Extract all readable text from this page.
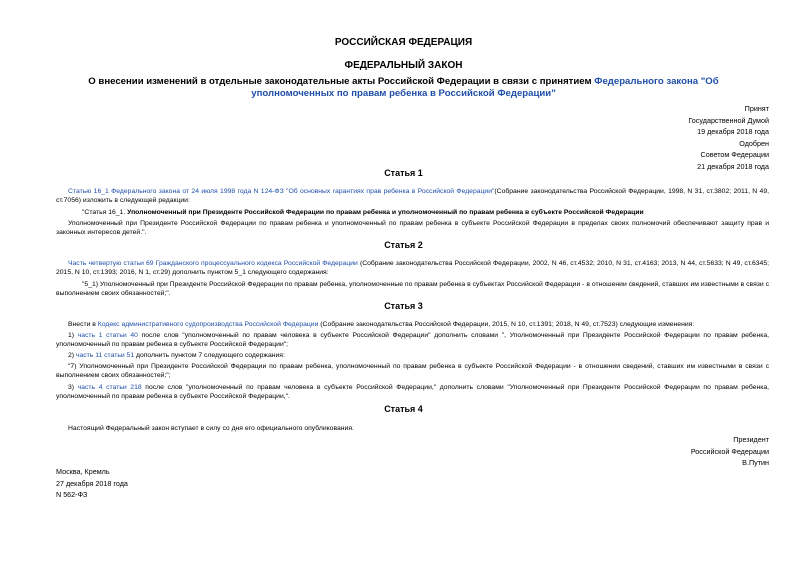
РОССИЙСКАЯ ФЕДЕРАЦИЯ
ФЕДЕРАЛЬНЫЙ ЗАКОН
О внесении изменений в отдельные законодательные акты Российской Федерации в связи с принятием Федерального закона "Об уполномоченных по правам ребенка в Российской Федерации"
Принят
Государственной Думой
19 декабря 2018 года
Одобрен
Советом Федерации
21 декабря 2018 года
Статья 1
Статью 16_1 Федерального закона от 24 июля 1998 года N 124-ФЗ "Об основных гарантиях прав ребенка в Российской Федерации"(Собрание законодательства Российской Федерации, 1998, N 31, ст.3802; 2011, N 49, ст.7056) изложить в следующей редакции:
"Статья 16_1. Уполномоченный при Президенте Российской Федерации по правам ребенка и уполномоченный по правам ребенка в субъекте Российской Федерации
Уполномоченный при Президенте Российской Федерации по правам ребенка и уполномоченный по правам ребенка в субъекте Российской Федерации в пределах своих полномочий обеспечивают защиту прав и законных интересов детей.".
Статья 2
Часть четвертую статьи 69 Гражданского процессуального кодекса Российской Федерации (Собрание законодательства Российской Федерации, 2002, N 46, ст.4532; 2010, N 31, ст.4163; 2013, N 44, ст.5633; N 49, ст.6345; 2015, N 10, ст.1393; 2016, N 1, ст.29) дополнить пунктом 5_1 следующего содержания:
"5_1) Уполномоченный при Президенте Российской Федерации по правам ребенка, уполномоченные по правам ребенка в субъектах Российской Федерации - в отношении сведений, ставших им известными в связи с выполнением своих обязанностей;".
Статья 3
Внести в Кодекс административного судопроизводства Российской Федерации (Собрание законодательства Российской Федерации, 2015, N 10, ст.1391; 2018, N 49, ст.7523) следующие изменения:
1) часть 1 статьи 40 после слов "уполномоченный по правам человека в субъекте Российской Федерации" дополнить словами ", Уполномоченный при Президенте Российской Федерации по правам ребенка, уполномоченный по правам ребенка в субъекте Российской Федерации";
2) часть 11 статьи 51 дополнить пунктом 7 следующего содержания:
"7) Уполномоченный при Президенте Российской Федерации по правам ребенка, уполномоченный по правам ребенка в субъекте Российской Федерации - в отношении сведений, ставших им известными в связи с выполнением своих обязанностей;";
3) часть 4 статьи 218 после слов "уполномоченный по правам человека в субъекте Российской Федерации," дополнить словами "Уполномоченный при Президенте Российской Федерации по правам ребенка, уполномоченный по правам ребенка в субъекте Российской Федерации,".
Статья 4
Настоящий Федеральный закон вступает в силу со дня его официального опубликования.
Президент
Российской Федерации
В.Путин
Москва, Кремль
27 декабря 2018 года
N 562-ФЗ
